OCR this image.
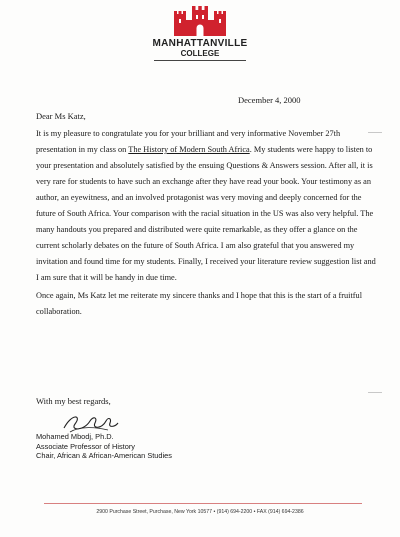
MANHATTANVILLE
COLLEGE
December 4, 2000
Dear Ms Katz,

It is my pleasure to congratulate you for your brilliant and very informative November 27th presentation in my class on The History of Modern South Africa. My students were happy to listen to your presentation and absolutely satisfied by the ensuing Questions & Answers session. After all, it is very rare for students to have such an exchange after they have read your book. Your testimony as an author, an eyewitness, and an involved protagonist was very moving and deeply concerned for the future of South Africa. Your comparison with the racial situation in the US was also very helpful. The many handouts you prepared and distributed were quite remarkable, as they offer a glance on the current scholarly debates on the future of South Africa. I am also grateful that you answered my invitation and found time for my students. Finally, I received your literature review suggestion list and I am sure that it will be handy in due time.

Once again, Ms Katz let me reiterate my sincere thanks and I hope that this is the start of a fruitful collaboration.

With my best regards,
Mohamed Mbodj, Ph.D.
Associate Professor of History
Chair, African & African-American Studies
2900 Purchase Street, Purchase, New York 10577 • (914) 694-2200 • FAX (914) 694-2386
